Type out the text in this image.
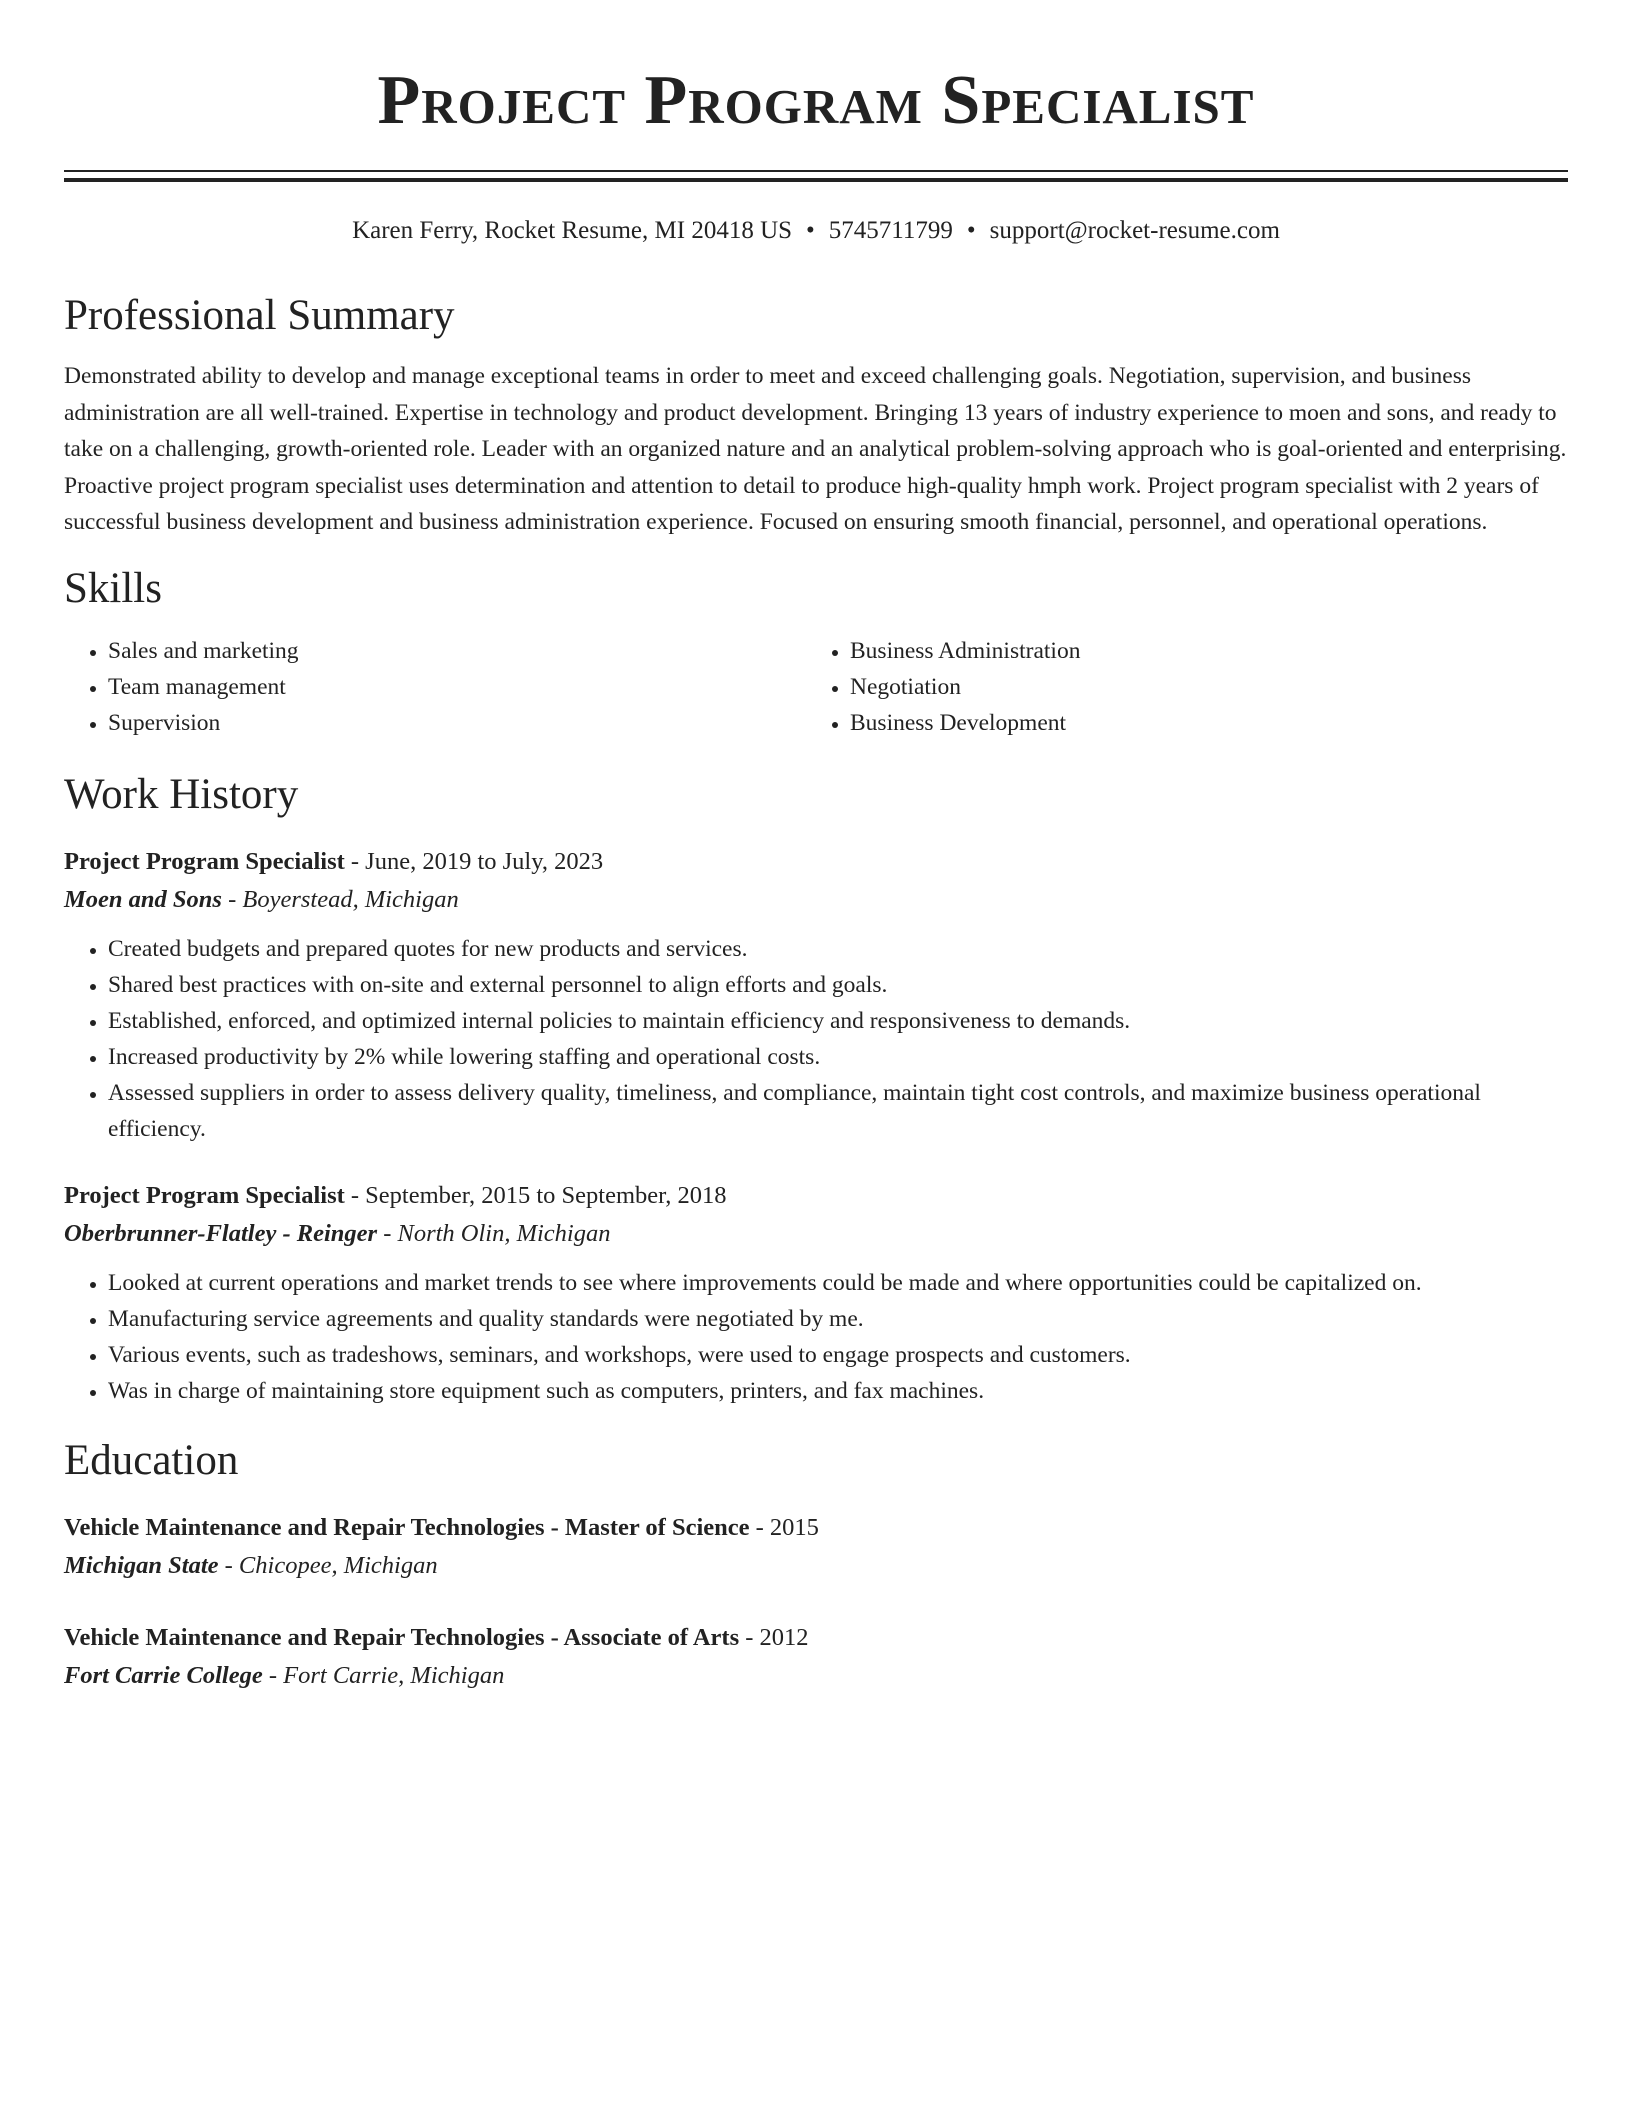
Project Program Specialist
Karen Ferry, Rocket Resume, MI 20418 US • 5745711799 • support@rocket-resume.com
Professional Summary
Demonstrated ability to develop and manage exceptional teams in order to meet and exceed challenging goals. Negotiation, supervision, and business administration are all well-trained. Expertise in technology and product development. Bringing 13 years of industry experience to moen and sons, and ready to take on a challenging, growth-oriented role. Leader with an organized nature and an analytical problem-solving approach who is goal-oriented and enterprising. Proactive project program specialist uses determination and attention to detail to produce high-quality hmph work. Project program specialist with 2 years of successful business development and business administration experience. Focused on ensuring smooth financial, personnel, and operational operations.
Skills
• Sales and marketing
• Team management
• Supervision
• Business Administration
• Negotiation
• Business Development
Work History
Project Program Specialist - June, 2019 to July, 2023
Moen and Sons - Boyerstead, Michigan
• Created budgets and prepared quotes for new products and services.
• Shared best practices with on-site and external personnel to align efforts and goals.
• Established, enforced, and optimized internal policies to maintain efficiency and responsiveness to demands.
• Increased productivity by 2% while lowering staffing and operational costs.
• Assessed suppliers in order to assess delivery quality, timeliness, and compliance, maintain tight cost controls, and maximize business operational efficiency.
Project Program Specialist - September, 2015 to September, 2018
Oberbrunner-Flatley - Reinger - North Olin, Michigan
• Looked at current operations and market trends to see where improvements could be made and where opportunities could be capitalized on.
• Manufacturing service agreements and quality standards were negotiated by me.
• Various events, such as tradeshows, seminars, and workshops, were used to engage prospects and customers.
• Was in charge of maintaining store equipment such as computers, printers, and fax machines.
Education
Vehicle Maintenance and Repair Technologies - Master of Science - 2015
Michigan State - Chicopee, Michigan
Vehicle Maintenance and Repair Technologies - Associate of Arts - 2012
Fort Carrie College - Fort Carrie, Michigan
